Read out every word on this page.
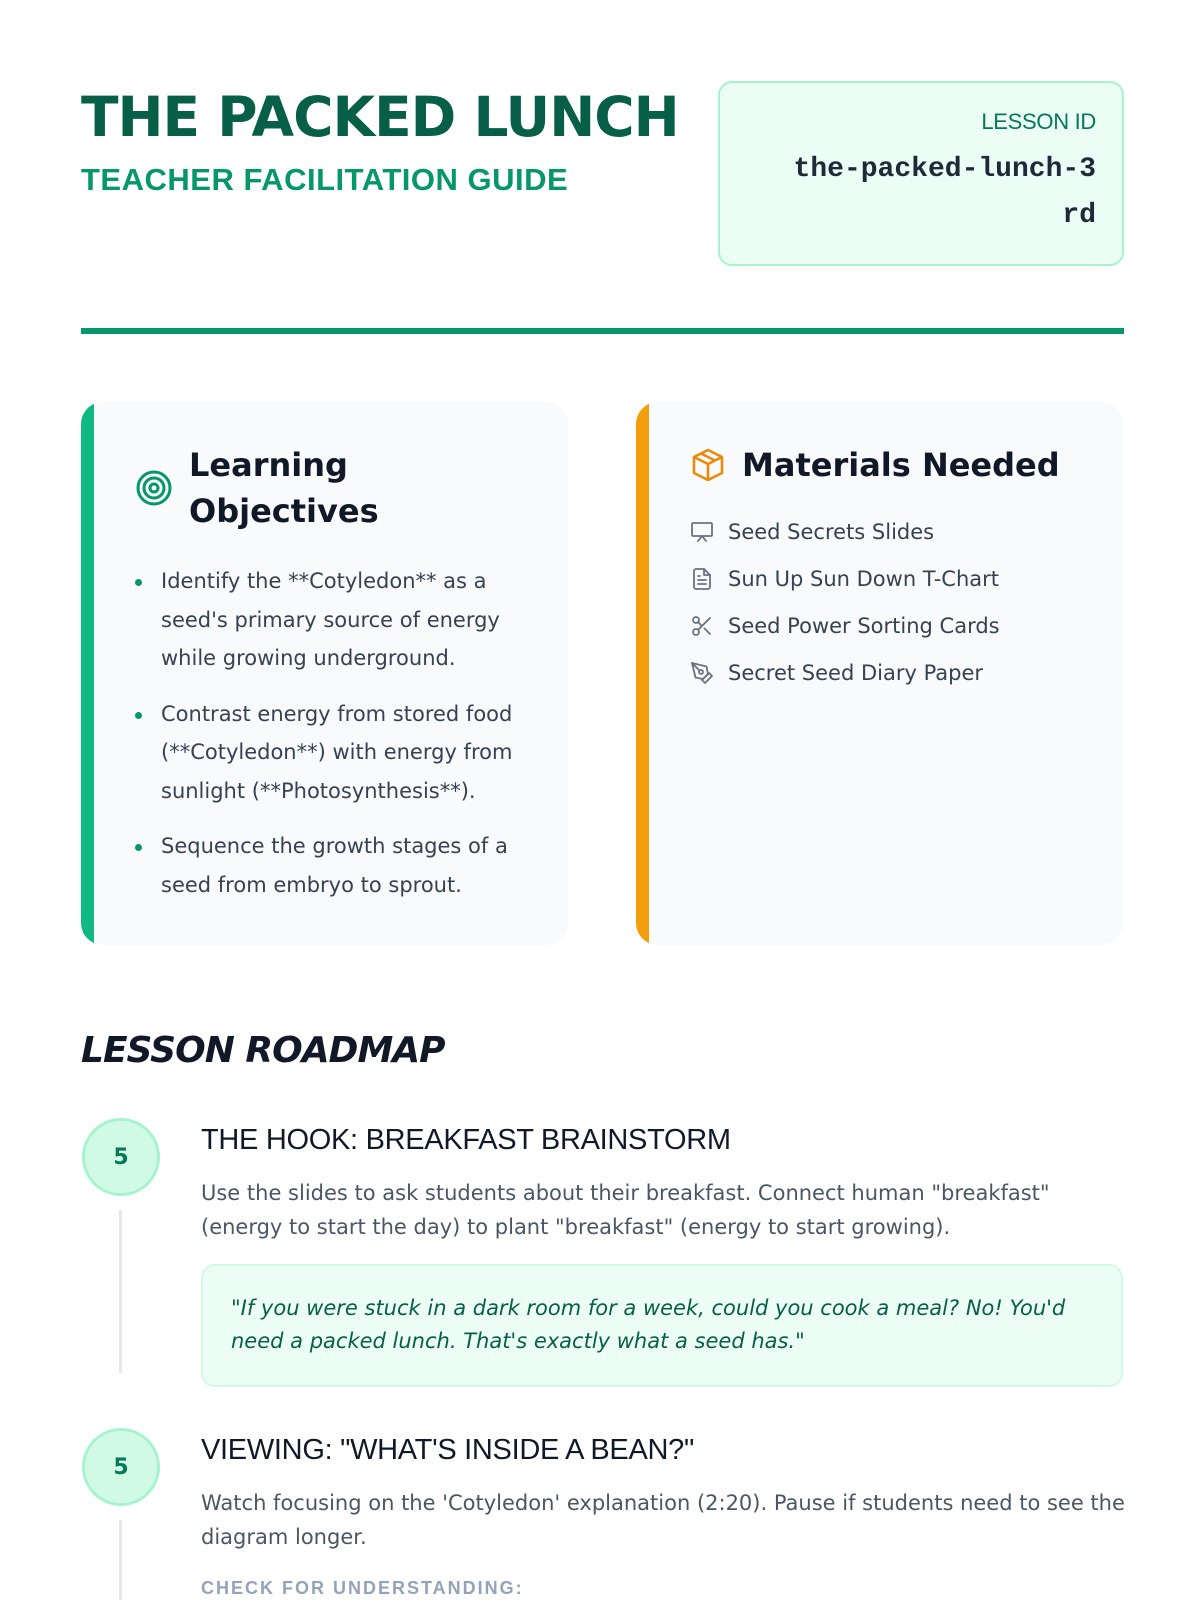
THE PACKED LUNCH
TEACHER FACILITATION GUIDE
LESSON ID
the-packed-lunch-3rd
Learning Objectives
Identify the **Cotyledon** as a seed's primary source of energy while growing underground.
Contrast energy from stored food (**Cotyledon**) with energy from sunlight (**Photosynthesis**).
Sequence the growth stages of a seed from embryo to sprout.
Materials Needed
Seed Secrets Slides
Sun Up Sun Down T-Chart
Seed Power Sorting Cards
Secret Seed Diary Paper
LESSON ROADMAP
5
THE HOOK: BREAKFAST BRAINSTORM
Use the slides to ask students about their breakfast. Connect human "breakfast" (energy to start the day) to plant "breakfast" (energy to start growing).
"If you were stuck in a dark room for a week, could you cook a meal? No! You'd need a packed lunch. That's exactly what a seed has."
5
VIEWING: "WHAT'S INSIDE A BEAN?"
Watch focusing on the 'Cotyledon' explanation (2:20). Pause if students need to see the diagram longer.
CHECK FOR UNDERSTANDING:
